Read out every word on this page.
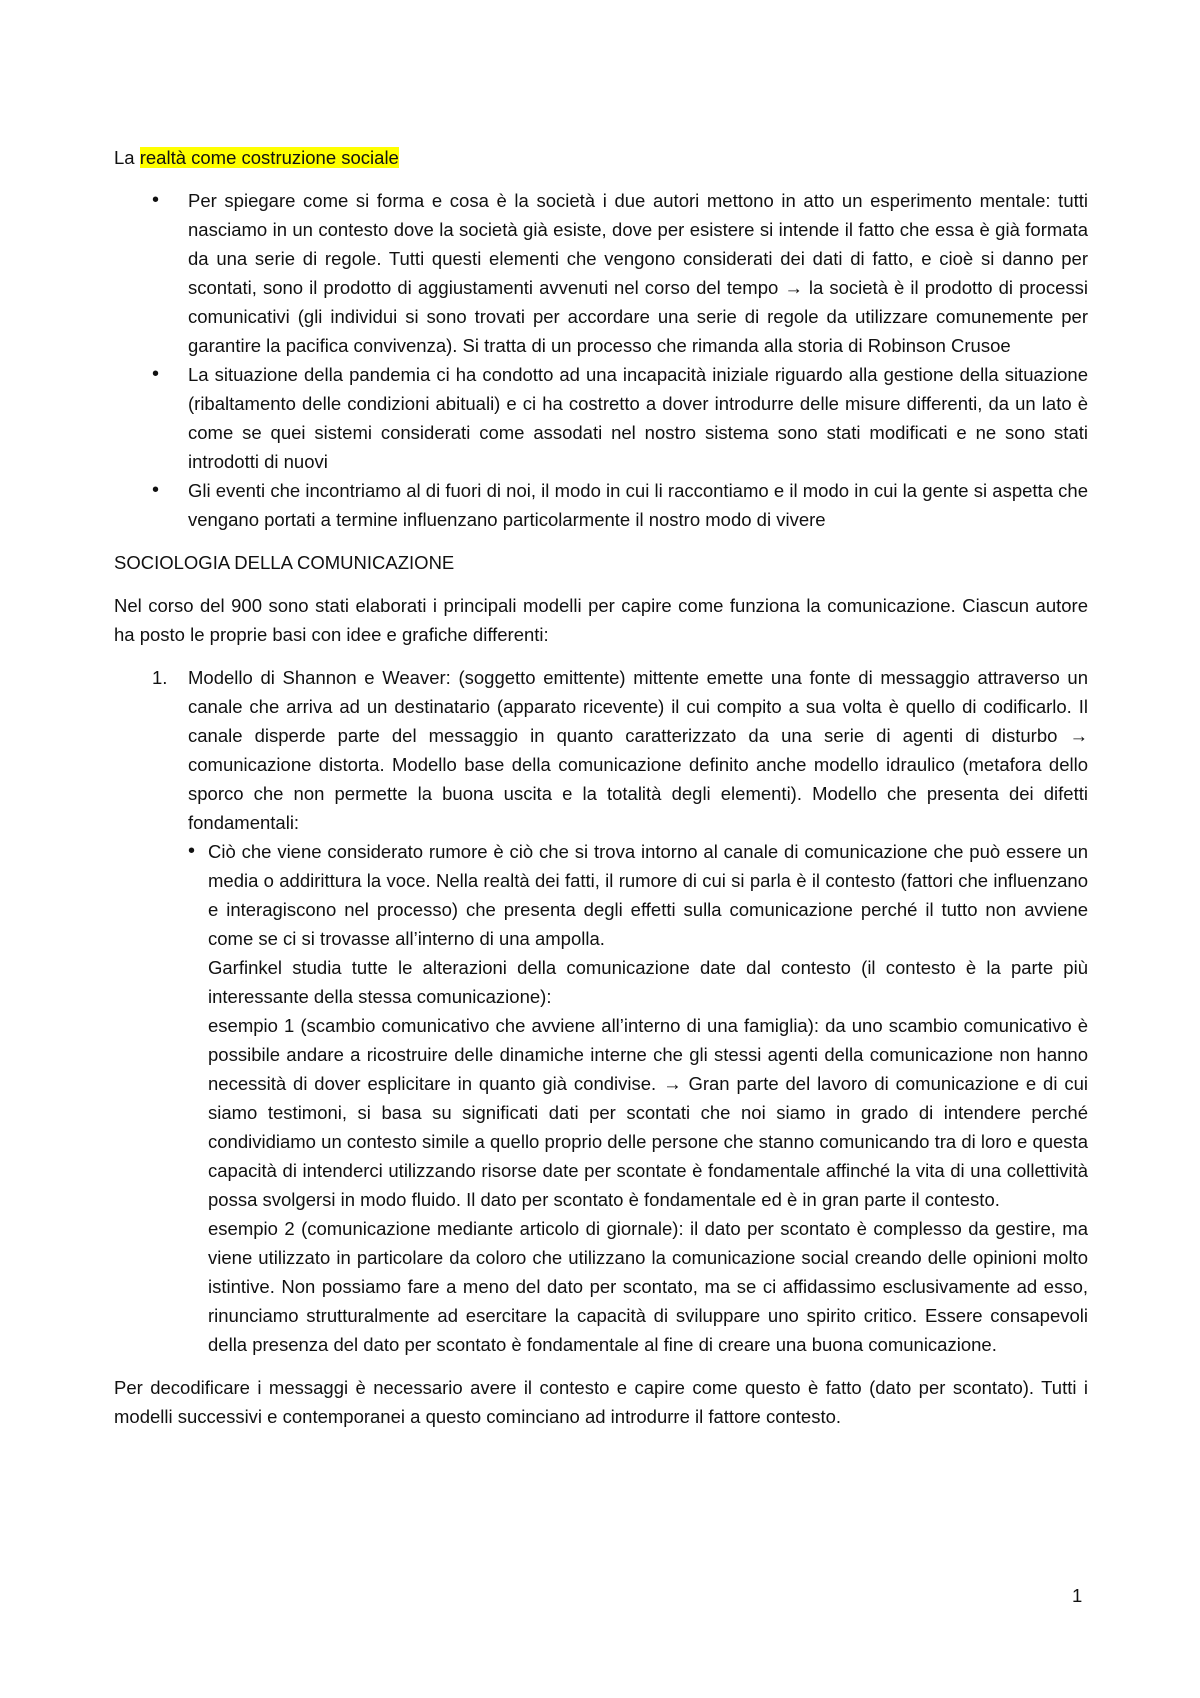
La realtà come costruzione sociale

• Per spiegare come si forma e cosa è la società i due autori mettono in atto un esperimento mentale: tutti nasciamo in un contesto dove la società già esiste, dove per esistere si intende il fatto che essa è già formata da una serie di regole. Tutti questi elementi che vengono considerati dei dati di fatto, e cioè si danno per scontati, sono il prodotto di aggiustamenti avvenuti nel corso del tempo → la società è il prodotto di processi comunicativi (gli individui si sono trovati per accordare una serie di regole da utilizzare comunemente per garantire la pacifica convivenza). Si tratta di un processo che rimanda alla storia di Robinson Crusoe
• La situazione della pandemia ci ha condotto ad una incapacità iniziale riguardo alla gestione della situazione (ribaltamento delle condizioni abituali) e ci ha costretto a dover introdurre delle misure differenti, da un lato è come se quei sistemi considerati come assodati nel nostro sistema sono stati modificati e ne sono stati introdotti di nuovi
• Gli eventi che incontriamo al di fuori di noi, il modo in cui li raccontiamo e il modo in cui la gente si aspetta che vengano portati a termine influenzano particolarmente il nostro modo di vivere

SOCIOLOGIA DELLA COMUNICAZIONE

Nel corso del 900 sono stati elaborati i principali modelli per capire come funziona la comunicazione. Ciascun autore ha posto le proprie basi con idee e grafiche differenti:

1. Modello di Shannon e Weaver: (soggetto emittente) mittente emette una fonte di messaggio attraverso un canale che arriva ad un destinatario (apparato ricevente) il cui compito a sua volta è quello di codificarlo. Il canale disperde parte del messaggio in quanto caratterizzato da una serie di agenti di disturbo → comunicazione distorta. Modello base della comunicazione definito anche modello idraulico (metafora dello sporco che non permette la buona uscita e la totalità degli elementi). Modello che presenta dei difetti fondamentali:

• Ciò che viene considerato rumore è ciò che si trova intorno al canale di comunicazione che può essere un media o addirittura la voce. Nella realtà dei fatti, il rumore di cui si parla è il contesto (fattori che influenzano e interagiscono nel processo) che presenta degli effetti sulla comunicazione perché il tutto non avviene come se ci si trovasse all’interno di una ampolla.

Garfinkel studia tutte le alterazioni della comunicazione date dal contesto (il contesto è la parte più interessante della stessa comunicazione):

esempio 1 (scambio comunicativo che avviene all’interno di una famiglia): da uno scambio comunicativo è possibile andare a ricostruire delle dinamiche interne che gli stessi agenti della comunicazione non hanno necessità di dover esplicitare in quanto già condivise. → Gran parte del lavoro di comunicazione e di cui siamo testimoni, si basa su significati dati per scontati che noi siamo in grado di intendere perché condividiamo un contesto simile a quello proprio delle persone che stanno comunicando tra di loro e questa capacità di intenderci utilizzando risorse date per scontate è fondamentale affinché la vita di una collettività possa svolgersi in modo fluido. Il dato per scontato è fondamentale ed è in gran parte il contesto.

esempio 2 (comunicazione mediante articolo di giornale): il dato per scontato è complesso da gestire, ma viene utilizzato in particolare da coloro che utilizzano la comunicazione social creando delle opinioni molto istintive. Non possiamo fare a meno del dato per scontato, ma se ci affidassimo esclusivamente ad esso, rinunciamo strutturalmente ad esercitare la capacità di sviluppare uno spirito critico. Essere consapevoli della presenza del dato per scontato è fondamentale al fine di creare una buona comunicazione.

Per decodificare i messaggi è necessario avere il contesto e capire come questo è fatto (dato per scontato). Tutti i modelli successivi e contemporanei a questo cominciano ad introdurre il fattore contesto.

1
